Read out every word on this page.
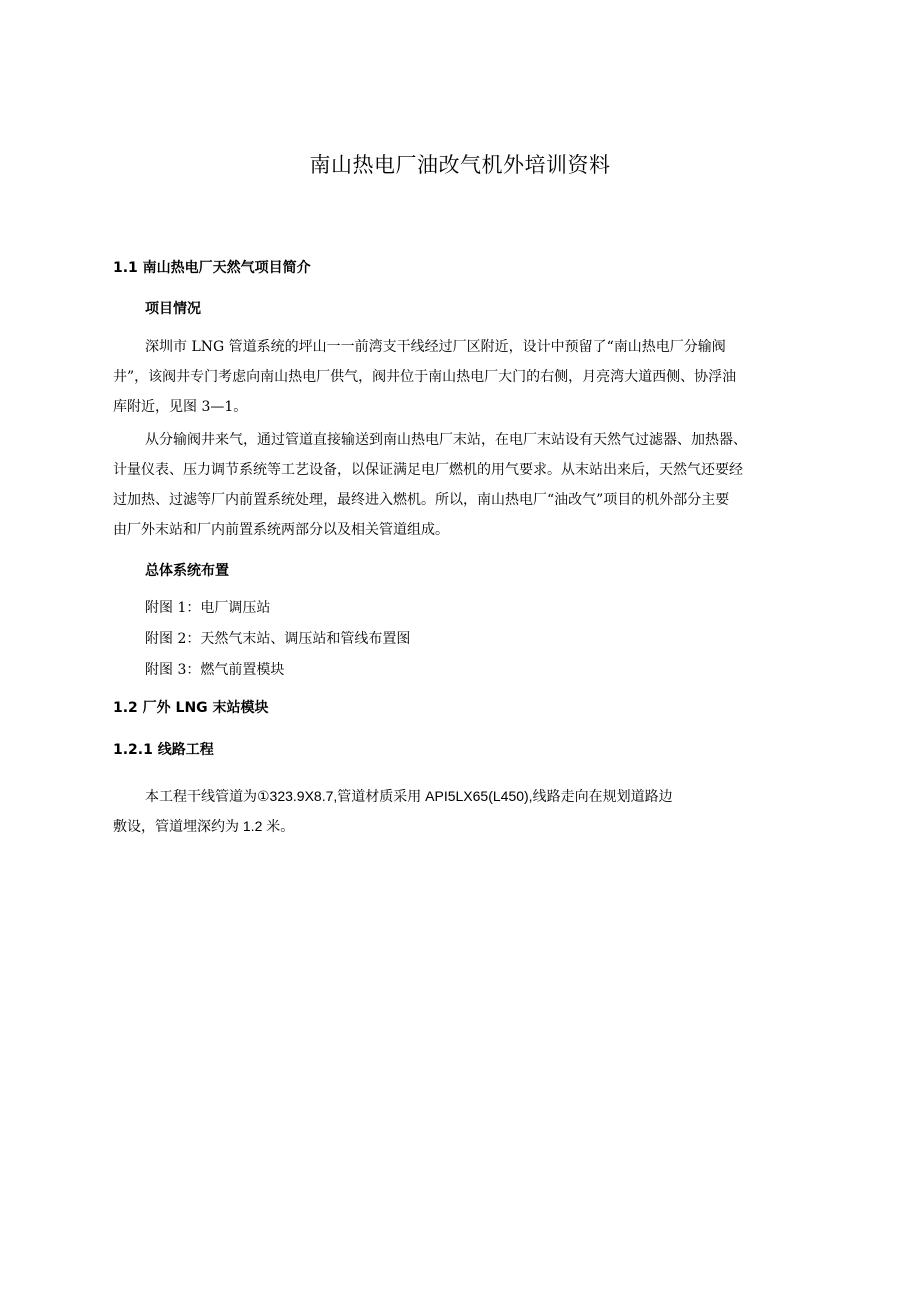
南山热电厂油改气机外培训资料
1.1 南山热电厂天然气项目简介
项目情况
深圳市 LNG 管道系统的坪山一一前湾支干线经过厂区附近，设计中预留了“南山热电厂分输阀
井”，该阀井专门考虑向南山热电厂供气，阀井位于南山热电厂大门的右侧，月亮湾大道西侧、协浮油
库附近，见图 3—1。
从分输阀井来气，通过管道直接输送到南山热电厂末站，在电厂末站设有天然气过滤器、加热器、
计量仪表、压力调节系统等工艺设备，以保证满足电厂燃机的用气要求。从末站出来后，天然气还要经
过加热、过滤等厂内前置系统处理，最终进入燃机。所以，南山热电厂“油改气”项目的机外部分主要
由厂外末站和厂内前置系统两部分以及相关管道组成。
总体系统布置
附图 1：电厂调压站
附图 2：天然气末站、调压站和管线布置图
附图 3：燃气前置模块
1.2 厂外 LNG 末站模块
1.2.1 线路工程
本工程干线管道为①323.9X8.7,管道材质采用 API5LX65(L450),线路走向在规划道路边
敷设，管道埋深约为 1.2 米。
